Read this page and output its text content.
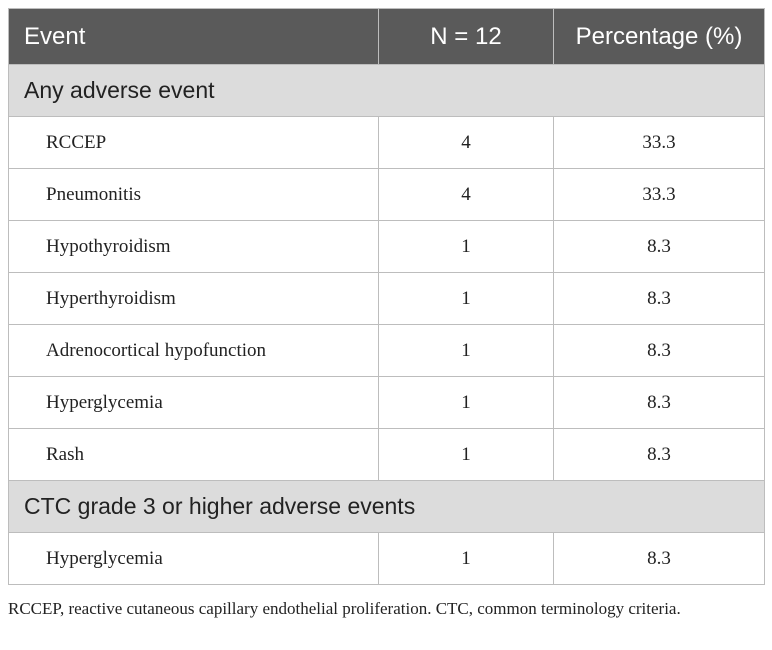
Event	N = 12	Percentage (%)
Any adverse event		
RCCEP	4	33.3
Pneumonitis	4	33.3
Hypothyroidism	1	8.3
Hyperthyroidism	1	8.3
Adrenocortical hypofunction	1	8.3
Hyperglycemia	1	8.3
Rash	1	8.3
CTC grade 3 or higher adverse events		
Hyperglycemia	1	8.3

RCCEP, reactive cutaneous capillary endothelial proliferation. CTC, common terminology criteria.
